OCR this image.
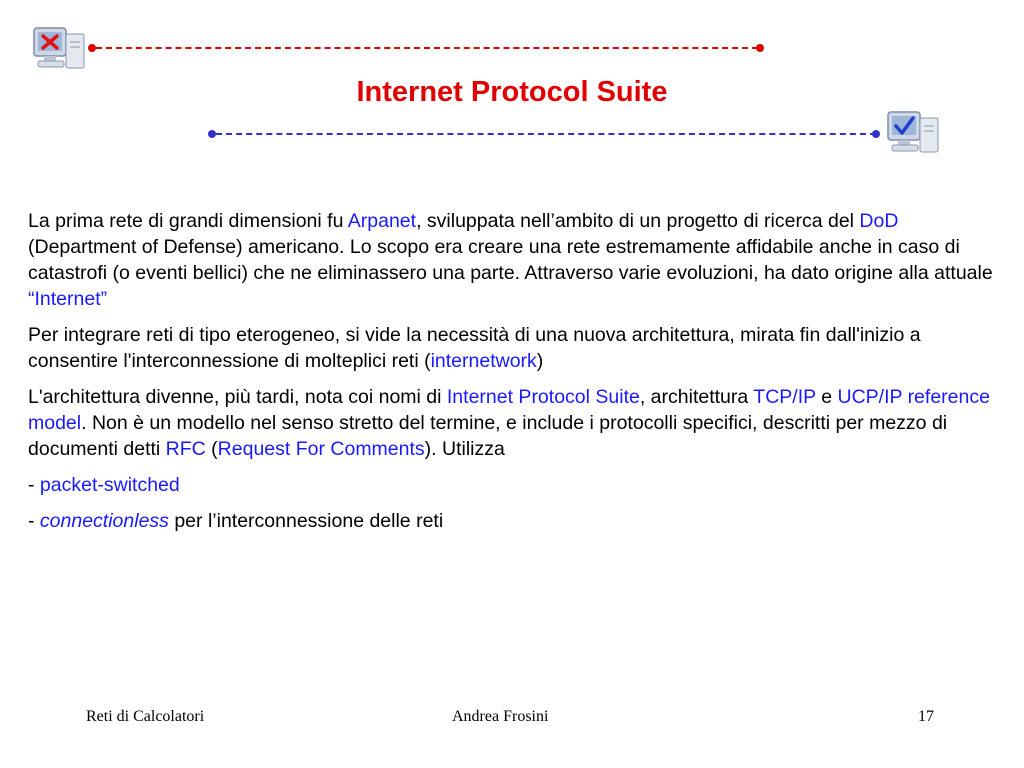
Internet Protocol Suite

La prima rete di grandi dimensioni fu Arpanet, sviluppata nell’ambito di un progetto di ricerca del DoD (Department of Defense) americano. Lo scopo era creare una rete estremamente affidabile anche in caso di catastrofi (o eventi bellici) che ne eliminassero una parte. Attraverso varie evoluzioni, ha dato origine alla attuale “Internet”

Per integrare reti di tipo eterogeneo, si vide la necessità di una nuova architettura, mirata fin dall'inizio a consentire l'interconnessione di molteplici reti (internetwork)

L'architettura divenne, più tardi, nota coi nomi di Internet Protocol Suite, architettura TCP/IP e UCP/IP reference model. Non è un modello nel senso stretto del termine, e include i protocolli specifici, descritti per mezzo di documenti detti RFC (Request For Comments). Utilizza

- packet-switched

- connectionless per l’interconnessione delle reti

Reti di Calcolatori	Andrea Frosini	17
